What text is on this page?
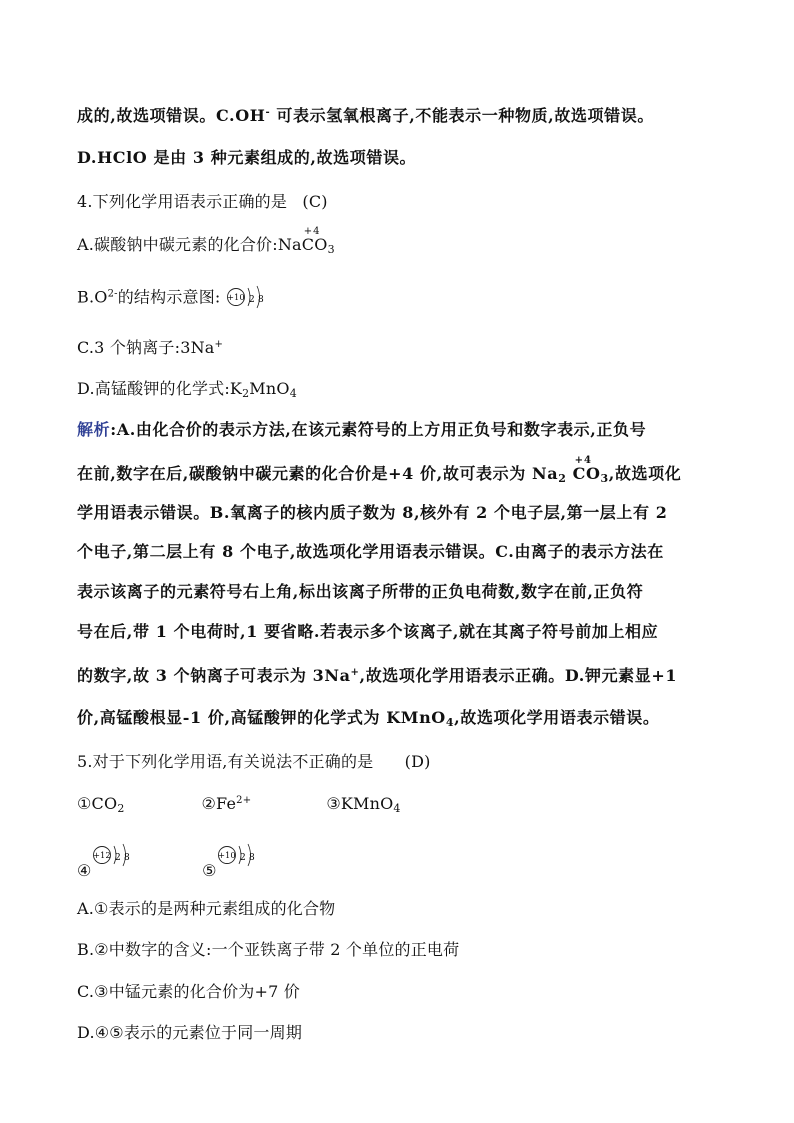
成的,故选项错误。C.OH- 可表示氢氧根离子,不能表示一种物质,故选项错误。
D.HClO 是由 3 种元素组成的,故选项错误。
4.下列化学用语表示正确的是 (C)
A.碳酸钠中碳元素的化合价:NaC
+4
$O_3$
$B.O^{2-}$的结构示意图: +10 2 8
C.3 个钠离子:3Na+
D.高锰酸钾的化学式$:K_2MnO_4$
解析:A.由化合价的表示方法,在该元素符号的上方用正负号和数字表示,正负号
在前,数字在后,碳酸钠中碳元素的化合价是+4 价,故可表示为 $Na_2$ C
+4
$O_3$,故选项化
学用语表示错误。B.氧离子的核内质子数为 8,核外有 2 个电子层,第一层上有 2
个电子,第二层上有 8 个电子,故选项化学用语表示错误。C.由离子的表示方法在
表示该离子的元素符号右上角,标出该离子所带的正负电荷数,数字在前,正负符
号在后,带 1 个电荷时,1 要省略.若表示多个该离子,就在其离子符号前加上相应
的数字,故 3 个钠离子可表示为 3Na+,故选项化学用语表示正确。D.钾元素显+1
价,高锰酸根显-1 价,高锰酸钾的化学式为 KMnO$_4$,故选项化学用语表示错误。
5.对于下列化学用语,有关说法不正确的是 (D)
$①CO_2$	$②Fe^{2+}$	③KMnO$_4$
④
+12 2 8
⑤
+10 2 8
A.①表示的是两种元素组成的化合物
B.②中数字的含义:一个亚铁离子带 2 个单位的正电荷
C.③中锰元素的化合价为+7 价
D.④⑤表示的元素位于同一周期
